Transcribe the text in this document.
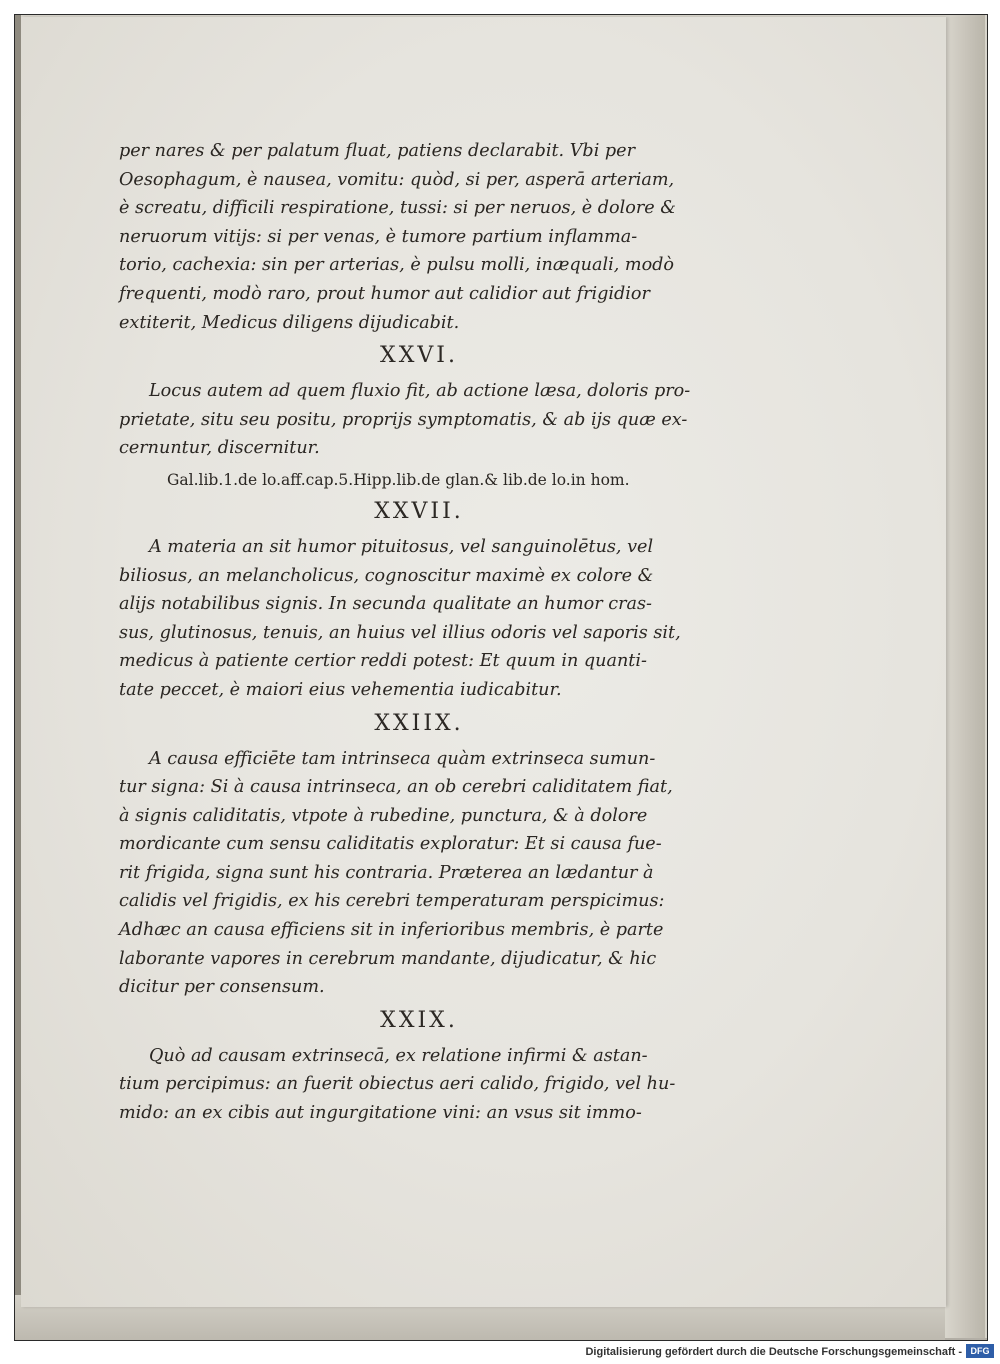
per nares & per palatum fluat, patiens declarabit. Vbi per
Oesophagum, è nausea, vomitu: quòd, si per, asperā arteriam,
è screatu, difficili respiratione, tussi: si per neruos, è dolore &
neruorum vitijs: si per venas, è tumore partium inflamma-
torio, cachexia: sin per arterias, è pulsu molli, inæquali, modò
frequenti, modò raro, prout humor aut calidior aut frigidior
extiterit, Medicus diligens dijudicabit.

XXVI.

Locus autem ad quem fluxio fit, ab actione læsa, doloris pro-
prietate, situ seu positu, proprijs symptomatis, & ab ijs quæ ex-
cernuntur, discernitur.

Gal.lib.1.de lo.aff.cap.5.Hipp.lib.de glan.& lib.de lo.in hom.
XXVII.

A materia an sit humor pituitosus, vel sanguinolētus, vel
biliosus, an melancholicus, cognoscitur maximè ex colore &
alijs notabilibus signis. In secunda qualitate an humor cras-
sus, glutinosus, tenuis, an huius vel illius odoris vel saporis sit,
medicus à patiente certior reddi potest: Et quum in quanti-
tate peccet, è maiori eius vehementia iudicabitur.

XXIIX.

A causa efficiēte tam intrinseca quàm extrinseca sumun-
tur signa: Si à causa intrinseca, an ob cerebri caliditatem fiat,
à signis caliditatis, vtpote à rubedine, punctura, & à dolore
mordicante cum sensu caliditatis exploratur: Et si causa fue-
rit frigida, signa sunt his contraria. Præterea an lædantur à
calidis vel frigidis, ex his cerebri temperaturam perspicimus:
Adhæc an causa efficiens sit in inferioribus membris, è parte
laborante vapores in cerebrum mandante, dijudicatur, & hic
dicitur per consensum.

XXIX.

Quò ad causam extrinsecā, ex relatione infirmi & astan-
tium percipimus: an fuerit obiectus aeri calido, frigido, vel hu-
mido: an ex cibis aut ingurgitatione vini: an vsus sit immo-

Digitalisierung gefördert durch die Deutsche Forschungsgemeinschaft - DFG
